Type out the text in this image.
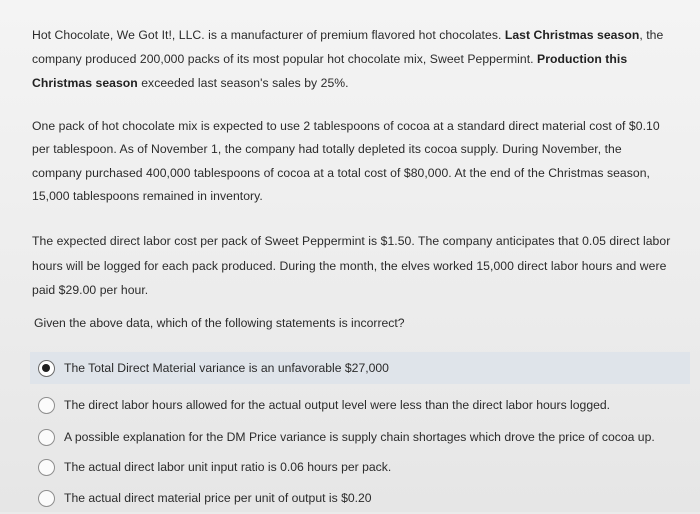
Hot Chocolate, We Got It!, LLC. is a manufacturer of premium flavored hot chocolates. Last Christmas season, the company produced 200,000 packs of its most popular hot chocolate mix, Sweet Peppermint. Production this Christmas season exceeded last season's sales by 25%.
One pack of hot chocolate mix is expected to use 2 tablespoons of cocoa at a standard direct material cost of $0.10 per tablespoon. As of November 1, the company had totally depleted its cocoa supply. During November, the company purchased 400,000 tablespoons of cocoa at a total cost of $80,000. At the end of the Christmas season, 15,000 tablespoons remained in inventory.
The expected direct labor cost per pack of Sweet Peppermint is $1.50. The company anticipates that 0.05 direct labor hours will be logged for each pack produced. During the month, the elves worked 15,000 direct labor hours and were paid $29.00 per hour.
Given the above data, which of the following statements is incorrect?
The Total Direct Material variance is an unfavorable $27,000
The direct labor hours allowed for the actual output level were less than the direct labor hours logged.
A possible explanation for the DM Price variance is supply chain shortages which drove the price of cocoa up.
The actual direct labor unit input ratio is 0.06 hours per pack.
The actual direct material price per unit of output is $0.20
